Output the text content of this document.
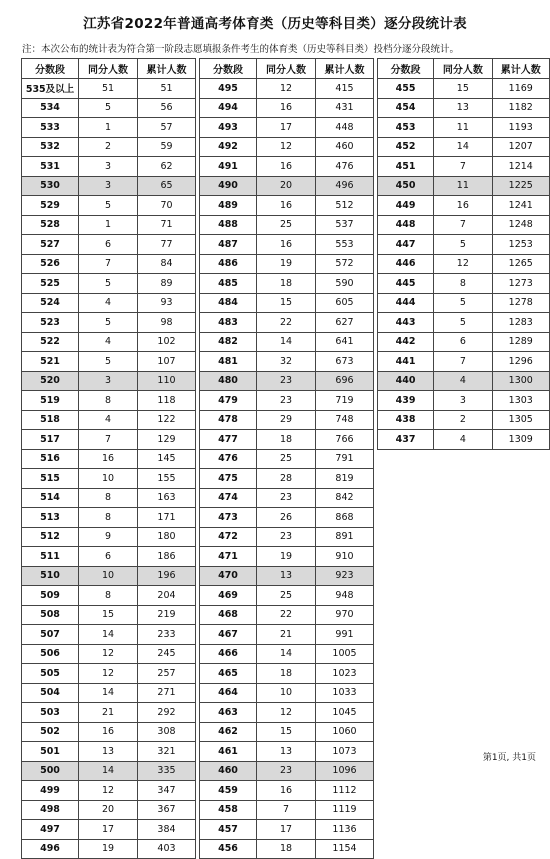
江苏省2022年普通高考体育类（历史等科目类）逐分段统计表
注：本次公布的统计表为符合第一阶段志愿填报条件考生的体育类（历史等科目类）投档分逐分段统计。
分数段	同分人数	累计人数
535及以上	51	51
534	5	56
533	1	57
532	2	59
531	3	62
530	3	65
529	5	70
528	1	71
527	6	77
526	7	84
525	5	89
524	4	93
523	5	98
522	4	102
521	5	107
520	3	110
519	8	118
518	4	122
517	7	129
516	16	145
515	10	155
514	8	163
513	8	171
512	9	180
511	6	186
510	10	196
509	8	204
508	15	219
507	14	233
506	12	245
505	12	257
504	14	271
503	21	292
502	16	308
501	13	321
500	14	335
499	12	347
498	20	367
497	17	384
496	19	403
分数段	同分人数	累计人数
495	12	415
494	16	431
493	17	448
492	12	460
491	16	476
490	20	496
489	16	512
488	25	537
487	16	553
486	19	572
485	18	590
484	15	605
483	22	627
482	14	641
481	32	673
480	23	696
479	23	719
478	29	748
477	18	766
476	25	791
475	28	819
474	23	842
473	26	868
472	23	891
471	19	910
470	13	923
469	25	948
468	22	970
467	21	991
466	14	1005
465	18	1023
464	10	1033
463	12	1045
462	15	1060
461	13	1073
460	23	1096
459	16	1112
458	7	1119
457	17	1136
456	18	1154
分数段	同分人数	累计人数
455	15	1169
454	13	1182
453	11	1193
452	14	1207
451	7	1214
450	11	1225
449	16	1241
448	7	1248
447	5	1253
446	12	1265
445	8	1273
444	5	1278
443	5	1283
442	6	1289
441	7	1296
440	4	1300
439	3	1303
438	2	1305
437	4	1309
第1页, 共1页
